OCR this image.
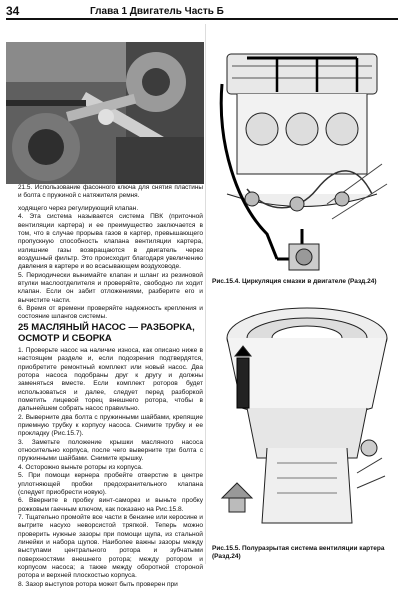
34	Глава 1 Двигатель Часть Б
21.5. Использование фасонного ключа для снятия пластины и болта с пружиной с натяжителя ремня.

ходящего через регулирующий клапан.

4. Эта система называется система ПВК (приточной вентиляции картера) и ее преимущество заключается в том, что в случае прорыва газов в картер, превышающего пропускную способность клапана вентиляции картера, излишние газы возвращаются в двигатель через воздушный фильтр. Это происходит благодаря увеличению давления в картере и во всасывающем воздуховоде.

5. Периодически вынимайте клапан и шланг из резиновой втулки маслоотделителя и проверяйте, свободно ли ходит клапан. Если он забит отложениями, разберите его и вычистите части.

6. Время от времени проверяйте надежность крепления и состояние шлангов системы.

25 МАСЛЯНЫЙ НАСОС — РАЗБОРКА, ОСМОТР И СБОРКА

1. Проверьте насос на наличие износа, как описано ниже в настоящем разделе и, если подозрения подтвердятся, приобретите ремонтный комплект или новый насос. Два ротора насоса подобраны друг к другу и должны заменяться вместе. Если комплект роторов будет использоваться и далее, следует перед разборкой пометить лицевой торец внешнего ротора, чтобы в дальнейшем собрать насос правильно.

2. Выверните два болта с пружинными шайбами, крепящие приемную трубку к корпусу насоса. Снимите трубку и ее прокладку (Рис.15.7).

3. Заметьте положение крышки масляного насоса относительно корпуса, после чего выверните три болта с пружинными шайбами. Снимите крышку.

4. Осторожно выньте роторы из корпуса.

5. При помощи кернера пробейте отверстие в центре уплотняющей пробки предохранительного клапана (следует приобрести новую).

6. Вверните в пробку винт-саморез и выньте пробку рожковым гаечным ключом, как показано на Рис.15.8.

7. Тщательно промойте все части в бензине или керосине и вытрите насухо неворсистой тряпкой. Теперь можно проверить нужные зазоры при помощи щупа, из стальной линейки и набора щупов. Наиболее важны зазоры между выступами центрального ротора и зубчатыми поверхностями внешнего ротора; между ротором и корпусом насоса; а также между оборотной стороной ротора и верхней плоскостью корпуса.

8. Зазор выступов ротора может быть проверен при

Рис.15.4. Циркуляция смазки в двигателе (Разд.24)
Рис.15.5. Полуразрытая система вентиляции картера (Разд.24)
